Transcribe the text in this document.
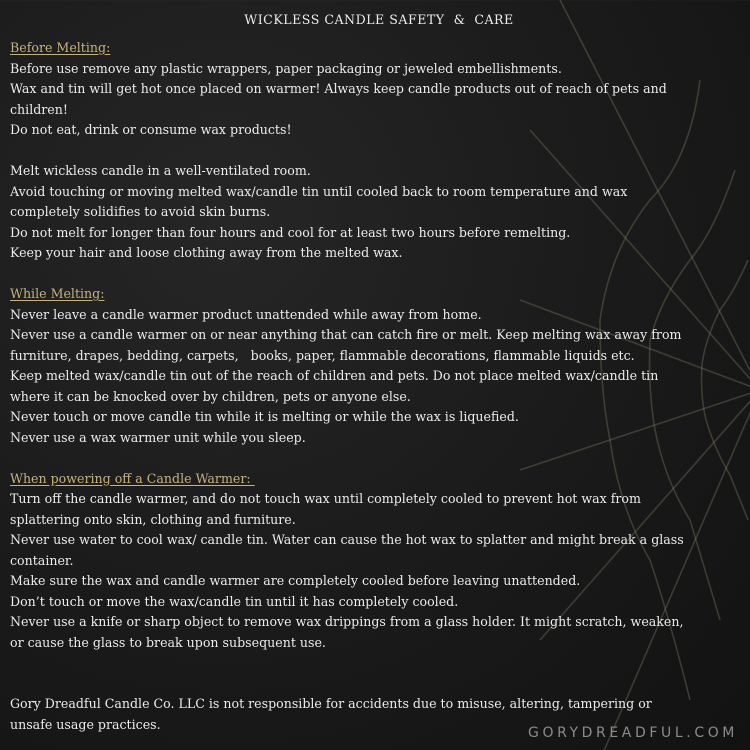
WICKLESS CANDLE SAFETY  &  CARE
Before Melting:
Before use remove any plastic wrappers, paper packaging or jeweled embellishments.
Wax and tin will get hot once placed on warmer! Always keep candle products out of reach of pets and
children!
Do not eat, drink or consume wax products!
Melt wickless candle in a well-ventilated room.
Avoid touching or moving melted wax/candle tin until cooled back to room temperature and wax
completely solidifies to avoid skin burns.
Do not melt for longer than four hours and cool for at least two hours before remelting.
Keep your hair and loose clothing away from the melted wax.
While Melting:
Never leave a candle warmer product unattended while away from home.
Never use a candle warmer on or near anything that can catch fire or melt. Keep melting wax away from
furniture, drapes, bedding, carpets,   books, paper, flammable decorations, flammable liquids etc.
Keep melted wax/candle tin out of the reach of children and pets. Do not place melted wax/candle tin
where it can be knocked over by children, pets or anyone else.
Never touch or move candle tin while it is melting or while the wax is liquefied.
Never use a wax warmer unit while you sleep.
When powering off a Candle Warmer:
Turn off the candle warmer, and do not touch wax until completely cooled to prevent hot wax from
splattering onto skin, clothing and furniture.
Never use water to cool wax/ candle tin. Water can cause the hot wax to splatter and might break a glass
container.
Make sure the wax and candle warmer are completely cooled before leaving unattended.
Don’t touch or move the wax/candle tin until it has completely cooled.
Never use a knife or sharp object to remove wax drippings from a glass holder. It might scratch, weaken,
or cause the glass to break upon subsequent use.
Gory Dreadful Candle Co. LLC is not responsible for accidents due to misuse, altering, tampering or
unsafe usage practices.
GORYDREADFUL.COM
